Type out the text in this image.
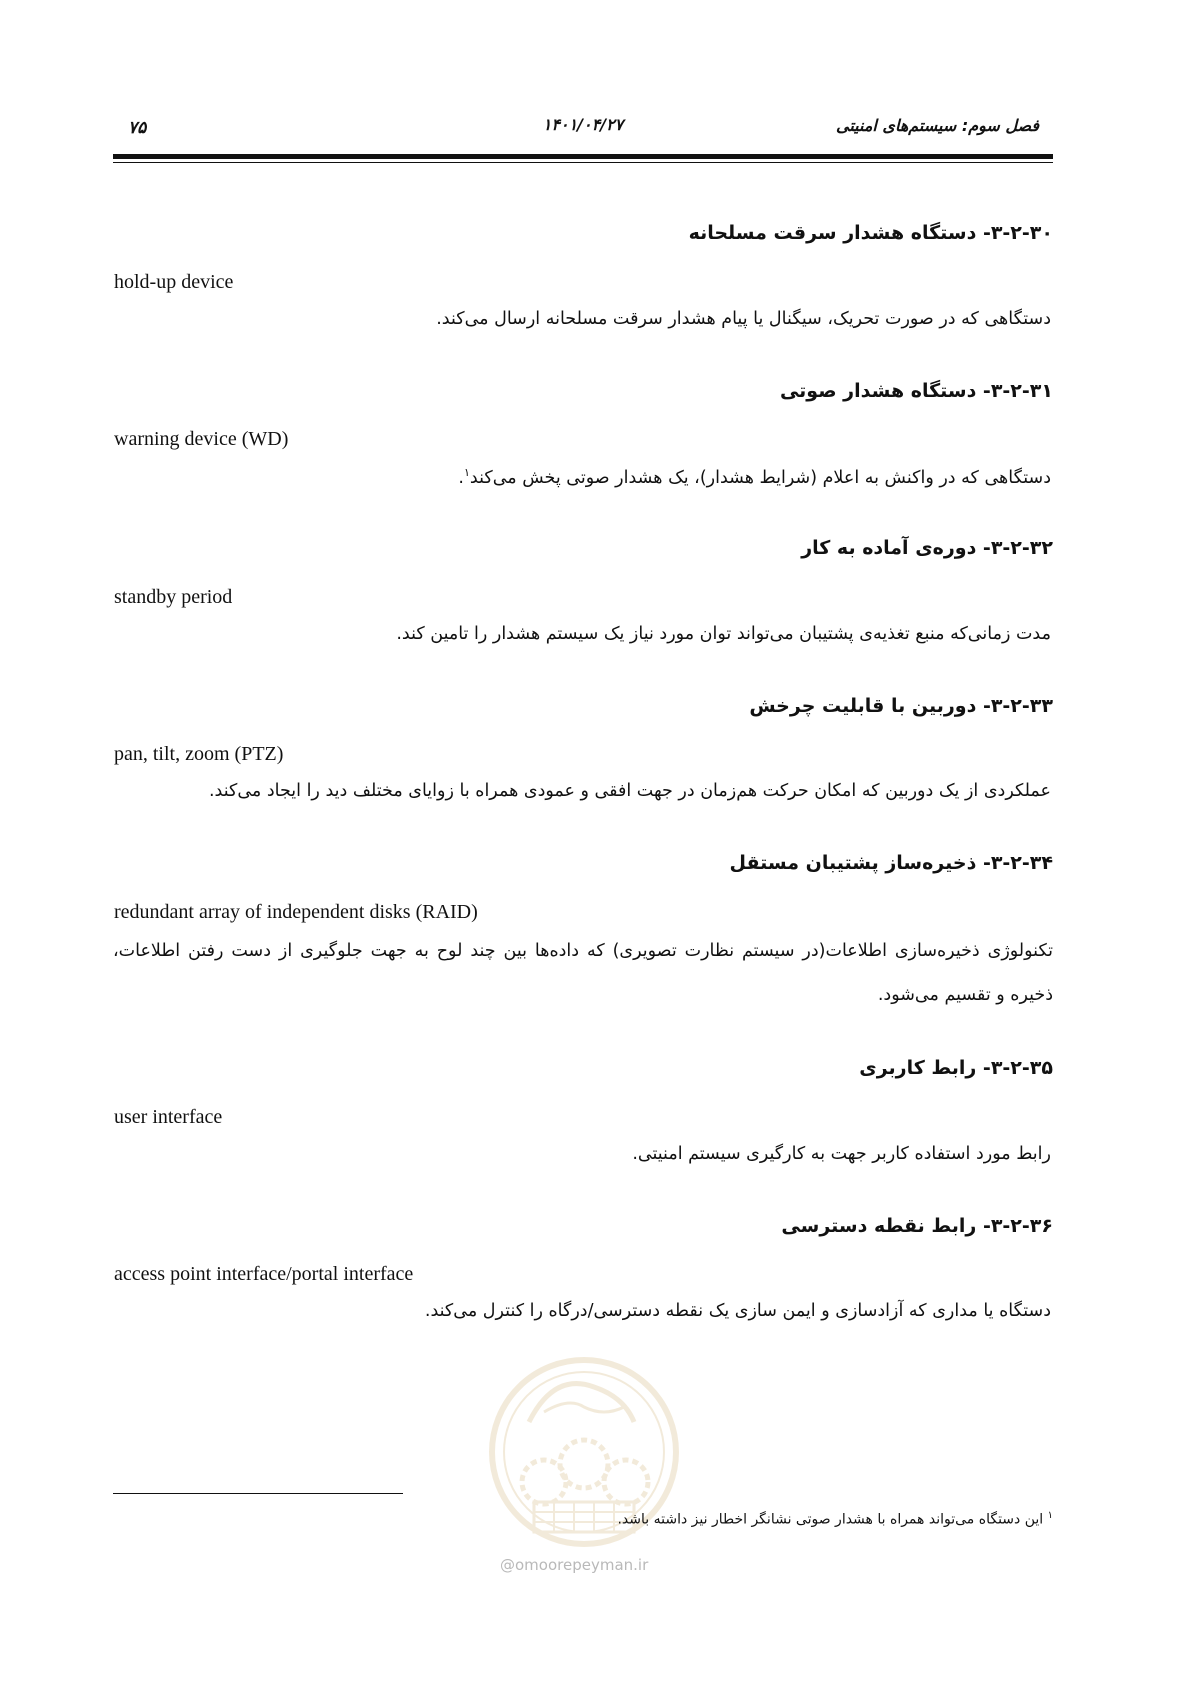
۷۵	۱۴۰۱/۰۴/۲۷	فصل سوم: سیستم‌های امنیتی
۳-۲-۳۰- دستگاه هشدار سرقت مسلحانه
hold-up device
دستگاهی که در صورت تحریک، سیگنال یا پیام هشدار سرقت مسلحانه ارسال می‌کند.
۳-۲-۳۱- دستگاه هشدار صوتی
warning device (WD)
دستگاهی که در واکنش به اعلام (شرایط هشدار)، یک هشدار صوتی پخش می‌کند$^۱$.
۳-۲-۳۲- دوره‌ی آماده به کار
standby period
مدت زمانی‌که منبع تغذیه‌ی پشتیبان می‌تواند توان مورد نیاز یک سیستم هشدار را تامین کند.
۳-۲-۳۳- دوربین با قابلیت چرخش
pan, tilt, zoom (PTZ)
عملکردی از یک دوربین که امکان حرکت هم‌زمان در جهت افقی و عمودی همراه با زوایای مختلف دید را ایجاد می‌کند.
۳-۲-۳۴- ذخیره‌ساز پشتیبان مستقل
redundant array of independent disks (RAID)
تکنولوژی ذخیره‌سازی اطلاعات(در سیستم نظارت تصویری) که داده‌ها بین چند لوح به جهت جلوگیری از دست رفتن اطلاعات، ذخیره و تقسیم می‌شود.
۳-۲-۳۵- رابط کاربری
user interface
رابط مورد استفاده کاربر جهت به کارگیری سیستم امنیتی.
۳-۲-۳۶- رابط نقطه دسترسی
access point interface/portal interface
دستگاه یا مداری که آزادسازی و ایمن سازی یک نقطه دسترسی/درگاه را کنترل می‌کند.
$^۱$ این دستگاه می‌تواند همراه با هشدار صوتی نشانگر اخطار نیز داشته باشد.
@omoorepeyman.ir
